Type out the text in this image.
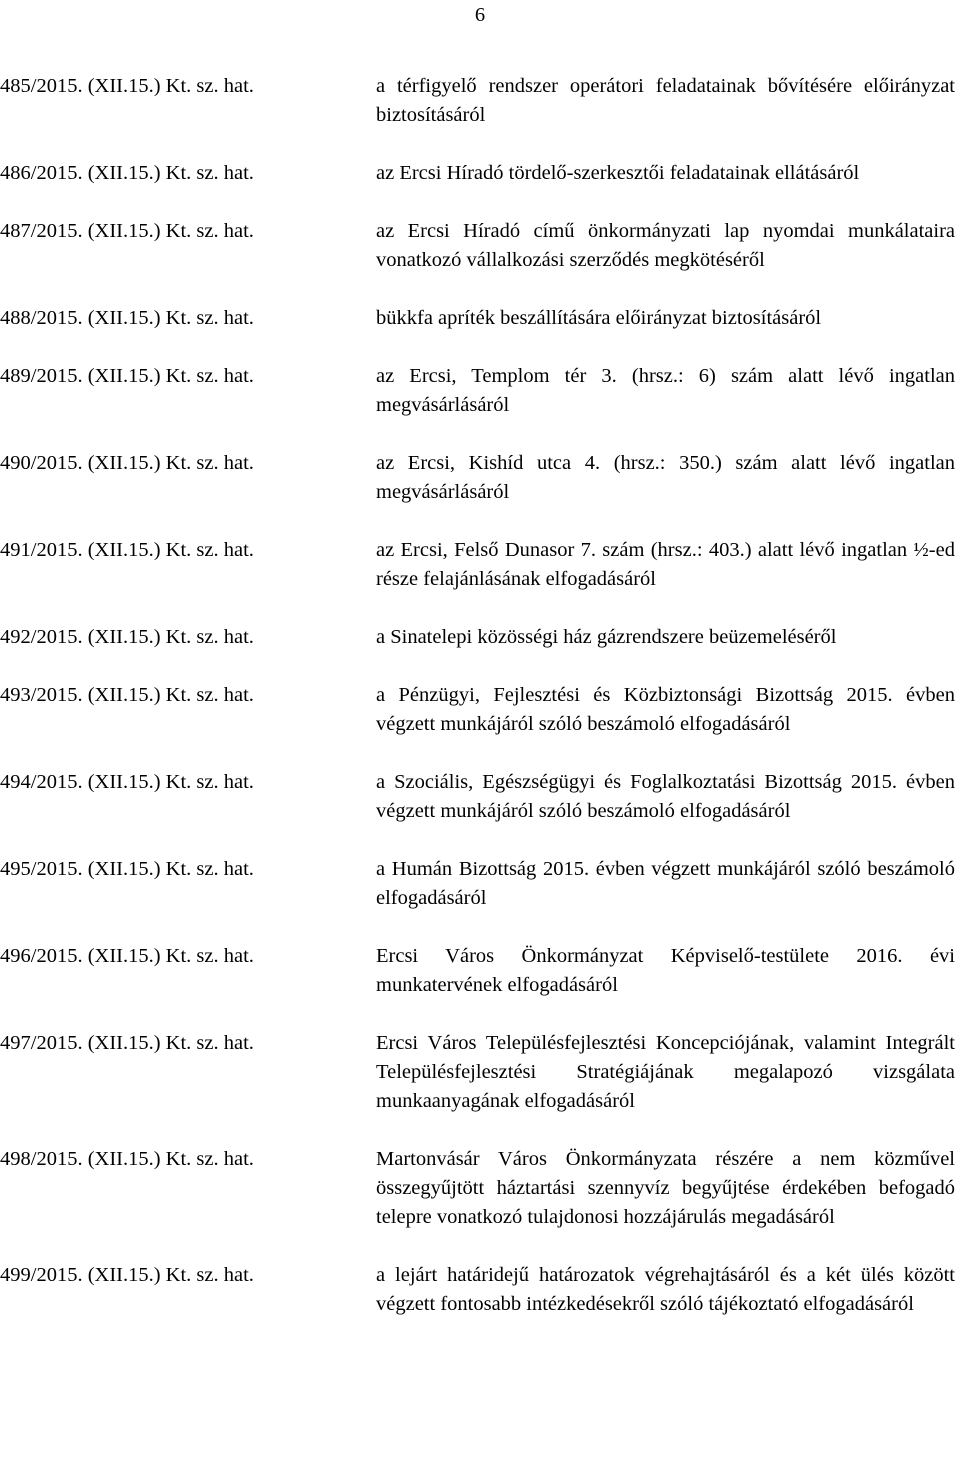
6
485/2015. (XII.15.) Kt. sz. hat.	a térfigyelő rendszer operátori feladatainak bővítésére előirányzat biztosításáról
486/2015. (XII.15.) Kt. sz. hat.	az Ercsi Híradó tördelő-szerkesztői feladatainak ellátásáról
487/2015. (XII.15.) Kt. sz. hat.	az Ercsi Híradó című önkormányzati lap nyomdai munkálataira vonatkozó vállalkozási szerződés megkötéséről
488/2015. (XII.15.) Kt. sz. hat.	bükkfa apríték beszállítására előirányzat biztosításáról
489/2015. (XII.15.) Kt. sz. hat.	az Ercsi, Templom tér 3. (hrsz.: 6) szám alatt lévő ingatlan megvásárlásáról
490/2015. (XII.15.) Kt. sz. hat.	az Ercsi, Kishíd utca 4. (hrsz.: 350.) szám alatt lévő ingatlan megvásárlásáról
491/2015. (XII.15.) Kt. sz. hat.	az Ercsi, Felső Dunasor 7. szám (hrsz.: 403.) alatt lévő ingatlan ½-ed része felajánlásának elfogadásáról
492/2015. (XII.15.) Kt. sz. hat.	a Sinatelepi közösségi ház gázrendszere beüzemeléséről
493/2015. (XII.15.) Kt. sz. hat.	a Pénzügyi, Fejlesztési és Közbiztonsági Bizottság 2015. évben végzett munkájáról szóló beszámoló elfogadásáról
494/2015. (XII.15.) Kt. sz. hat.	a Szociális, Egészségügyi és Foglalkoztatási Bizottság 2015. évben végzett munkájáról szóló beszámoló elfogadásáról
495/2015. (XII.15.) Kt. sz. hat.	a Humán Bizottság 2015. évben végzett munkájáról szóló beszámoló elfogadásáról
496/2015. (XII.15.) Kt. sz. hat.	Ercsi Város Önkormányzat Képviselő-testülete 2016. évi munkatervének elfogadásáról
497/2015. (XII.15.) Kt. sz. hat.	Ercsi Város Településfejlesztési Koncepciójának, valamint Integrált Településfejlesztési Stratégiájának megalapozó vizsgálata munkaanyagának elfogadásáról
498/2015. (XII.15.) Kt. sz. hat.	Martonvásár Város Önkormányzata részére a nem közművel összegyűjtött háztartási szennyvíz begyűjtése érdekében befogadó telepre vonatkozó tulajdonosi hozzájárulás megadásáról
499/2015. (XII.15.) Kt. sz. hat.	a lejárt határidejű határozatok végrehajtásáról és a két ülés között végzett fontosabb intézkedésekről szóló tájékoztató elfogadásáról
